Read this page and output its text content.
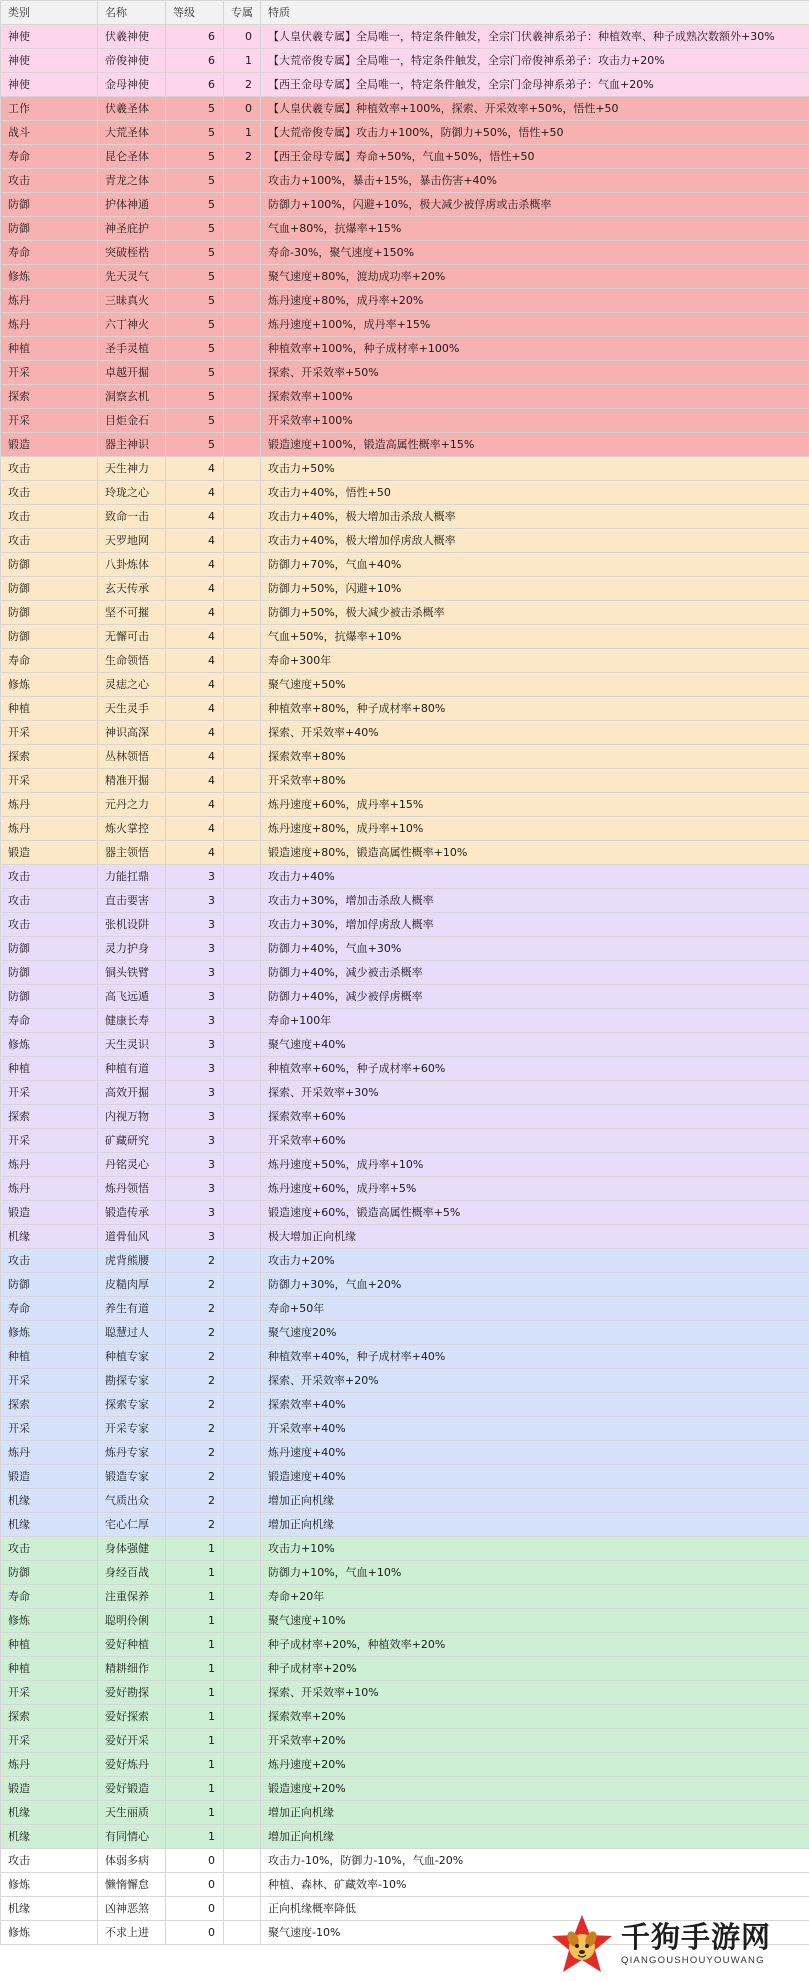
类别	名称	等级	专属	特质
神使	伏羲神使	6	0	【人皇伏羲专属】全局唯一，特定条件触发，全宗门伏羲神系弟子：种植效率、种子成熟次数额外+30%
神使	帝俊神使	6	1	【大荒帝俊专属】全局唯一，特定条件触发，全宗门帝俊神系弟子：攻击力+20%
神使	金母神使	6	2	【西王金母专属】全局唯一，特定条件触发，全宗门金母神系弟子：气血+20%
工作	伏羲圣体	5	0	【人皇伏羲专属】种植效率+100%，探索、开采效率+50%，悟性+50
战斗	大荒圣体	5	1	【大荒帝俊专属】攻击力+100%，防御力+50%，悟性+50
寿命	昆仑圣体	5	2	【西王金母专属】寿命+50%，气血+50%，悟性+50
攻击	青龙之体	5		攻击力+100%，暴击+15%，暴击伤害+40%
防御	护体神通	5		防御力+100%，闪避+10%，极大减少被俘虏或击杀概率
防御	神圣庇护	5		气血+80%，抗爆率+15%
寿命	突破桎梏	5		寿命-30%，聚气速度+150%
修炼	先天灵气	5		聚气速度+80%，渡劫成功率+20%
炼丹	三昧真火	5		炼丹速度+80%，成丹率+20%
炼丹	六丁神火	5		炼丹速度+100%，成丹率+15%
种植	圣手灵植	5		种植效率+100%，种子成材率+100%
开采	卓越开掘	5		探索、开采效率+50%
探索	洞察玄机	5		探索效率+100%
开采	目炬金石	5		开采效率+100%
锻造	器主神识	5		锻造速度+100%，锻造高属性概率+15%
攻击	天生神力	4		攻击力+50%
攻击	玲珑之心	4		攻击力+40%，悟性+50
攻击	致命一击	4		攻击力+40%，极大增加击杀敌人概率
攻击	天罗地网	4		攻击力+40%，极大增加俘虏敌人概率
防御	八卦炼体	4		防御力+70%，气血+40%
防御	玄天传承	4		防御力+50%，闪避+10%
防御	坚不可摧	4		防御力+50%，极大减少被击杀概率
防御	无懈可击	4		气血+50%，抗爆率+10%
寿命	生命领悟	4		寿命+300年
修炼	灵痣之心	4		聚气速度+50%
种植	天生灵手	4		种植效率+80%，种子成材率+80%
开采	神识高深	4		探索、开采效率+40%
探索	丛林领悟	4		探索效率+80%
开采	精准开掘	4		开采效率+80%
炼丹	元丹之力	4		炼丹速度+60%，成丹率+15%
炼丹	炼火掌控	4		炼丹速度+80%，成丹率+10%
锻造	器主领悟	4		锻造速度+80%，锻造高属性概率+10%
攻击	力能扛鼎	3		攻击力+40%
攻击	直击要害	3		攻击力+30%，增加击杀敌人概率
攻击	张机设阱	3		攻击力+30%，增加俘虏敌人概率
防御	灵力护身	3		防御力+40%，气血+30%
防御	铜头铁臂	3		防御力+40%，减少被击杀概率
防御	高飞远遁	3		防御力+40%，减少被俘虏概率
寿命	健康长寿	3		寿命+100年
修炼	天生灵识	3		聚气速度+40%
种植	种植有道	3		种植效率+60%，种子成材率+60%
开采	高效开掘	3		探索、开采效率+30%
探索	内视万物	3		探索效率+60%
开采	矿藏研究	3		开采效率+60%
炼丹	丹铭灵心	3		炼丹速度+50%，成丹率+10%
炼丹	炼丹领悟	3		炼丹速度+60%，成丹率+5%
锻造	锻造传承	3		锻造速度+60%，锻造高属性概率+5%
机缘	道骨仙风	3		极大增加正向机缘
攻击	虎背熊腰	2		攻击力+20%
防御	皮糙肉厚	2		防御力+30%，气血+20%
寿命	养生有道	2		寿命+50年
修炼	聪慧过人	2		聚气速度20%
种植	种植专家	2		种植效率+40%，种子成材率+40%
开采	勘探专家	2		探索、开采效率+20%
探索	探索专家	2		探索效率+40%
开采	开采专家	2		开采效率+40%
炼丹	炼丹专家	2		炼丹速度+40%
锻造	锻造专家	2		锻造速度+40%
机缘	气质出众	2		增加正向机缘
机缘	宅心仁厚	2		增加正向机缘
攻击	身体强健	1		攻击力+10%
防御	身经百战	1		防御力+10%，气血+10%
寿命	注重保养	1		寿命+20年
修炼	聪明伶俐	1		聚气速度+10%
种植	爱好种植	1		种子成材率+20%，种植效率+20%
种植	精耕细作	1		种子成材率+20%
开采	爱好勘探	1		探索、开采效率+10%
探索	爱好探索	1		探索效率+20%
开采	爱好开采	1		开采效率+20%
炼丹	爱好炼丹	1		炼丹速度+20%
锻造	爱好锻造	1		锻造速度+20%
机缘	天生丽质	1		增加正向机缘
机缘	有同情心	1		增加正向机缘
攻击	体弱多病	0		攻击力-10%，防御力-10%，气血-20%
修炼	懒惰懈怠	0		种植、森林、矿藏效率-10%
机缘	凶神恶煞	0		正向机缘概率降低
修炼	不求上进	0		聚气速度-10%	千狗手游网
QIANGOUSHOUYOUWANG
